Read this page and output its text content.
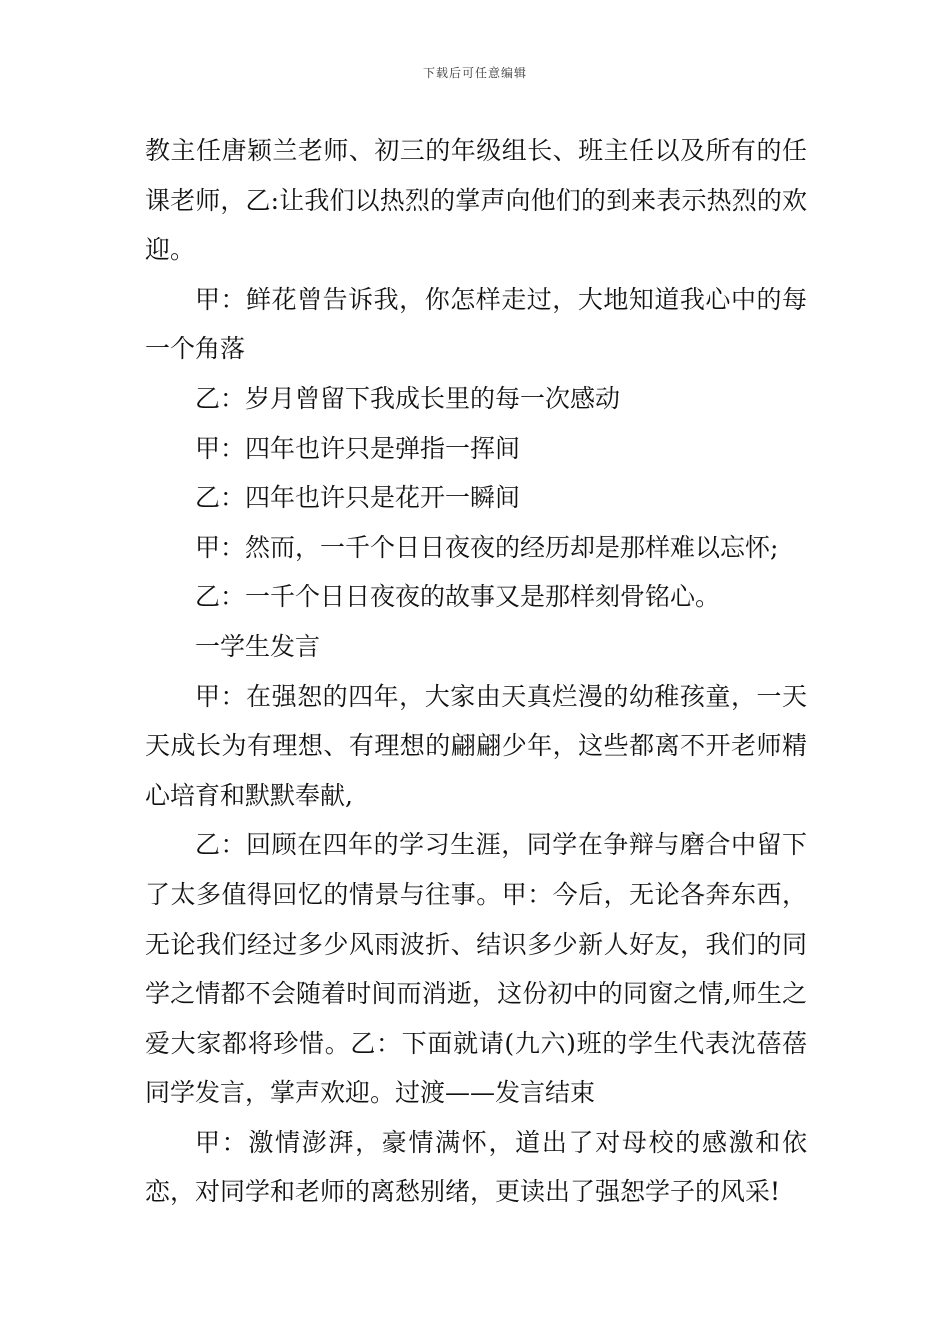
下载后可任意编辑

教主任唐颖兰老师、初三的年级组长、班主任以及所有的任课老师，乙:让我们以热烈的掌声向他们的到来表示热烈的欢迎。

甲：鲜花曾告诉我，你怎样走过，大地知道我心中的每一个角落

乙：岁月曾留下我成长里的每一次感动

甲：四年也许只是弹指一挥间

乙：四年也许只是花开一瞬间

甲：然而，一千个日日夜夜的经历却是那样难以忘怀;

乙：一千个日日夜夜的故事又是那样刻骨铭心。

一学生发言

甲：在强恕的四年，大家由天真烂漫的幼稚孩童，一天天成长为有理想、有理想的翩翩少年，这些都离不开老师精心培育和默默奉献,

乙：回顾在四年的学习生涯，同学在争辩与磨合中留下了太多值得回忆的情景与往事。甲：今后，无论各奔东西，无论我们经过多少风雨波折、结识多少新人好友，我们的同学之情都不会随着时间而消逝，这份初中的同窗之情,师生之爱大家都将珍惜。乙：下面就请(九六)班的学生代表沈蓓蓓同学发言，掌声欢迎。过渡——发言结束

甲：激情澎湃，豪情满怀，道出了对母校的感激和依恋，对同学和老师的离愁别绪，更读出了强恕学子的风采!
